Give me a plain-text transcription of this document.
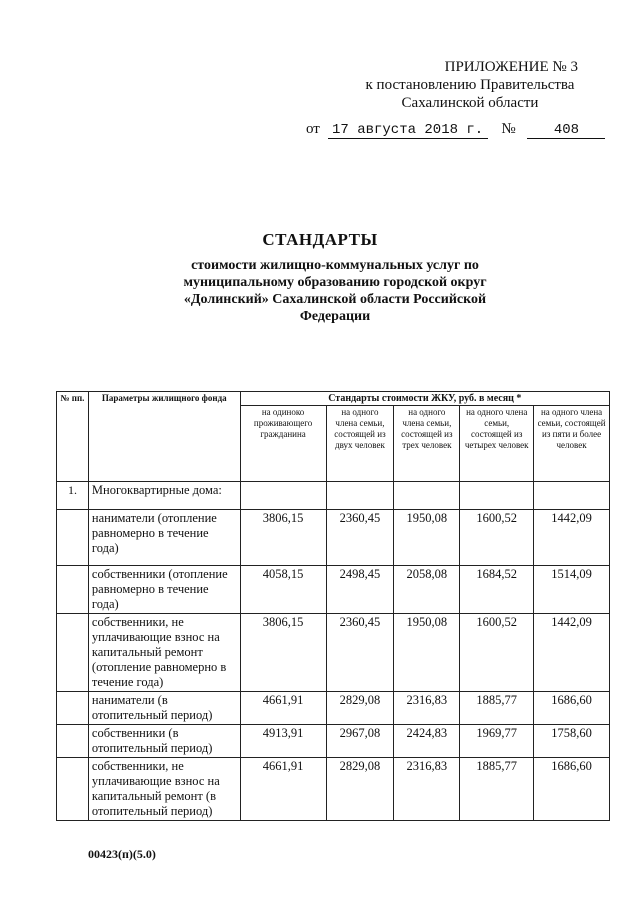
ПРИЛОЖЕНИЕ № 3
к постановлению Правительства
Сахалинской области
от 17 августа 2018 г. №	408
СТАНДАРТЫ
стоимости жилищно-коммунальных услуг по муниципальному образованию городской округ «Долинский» Сахалинской области Российской Федерации
№ пп.	Параметры жилищного фонда	Стандарты стоимости ЖКУ, руб. в месяц *				
		на одиноко проживающего гражданина	на одного члена семьи, состоящей из двух человек	на одного члена семьи, состоящей из трех человек	на одного члена семьи, состоящей из четырех человек	на одного члена семьи, состоящей из пяти и более человек
1.	Многоквартирные дома:					
	наниматели (отопление равномерно в течение года)	3806,15	2360,45	1950,08	1600,52	1442,09
	собственники (отопление равномерно в течение года)	4058,15	2498,45	2058,08	1684,52	1514,09
	собственники, не уплачивающие взнос на капитальный ремонт (отопление равномерно в течение года)	3806,15	2360,45	1950,08	1600,52	1442,09
	наниматели (в отопительный период)	4661,91	2829,08	2316,83	1885,77	1686,60
	собственники (в отопительный период)	4913,91	2967,08	2424,83	1969,77	1758,60
	собственники, не уплачивающие взнос на капитальный ремонт (в отопительный период)	4661,91	2829,08	2316,83	1885,77	1686,60
00423(п)(5.0)
